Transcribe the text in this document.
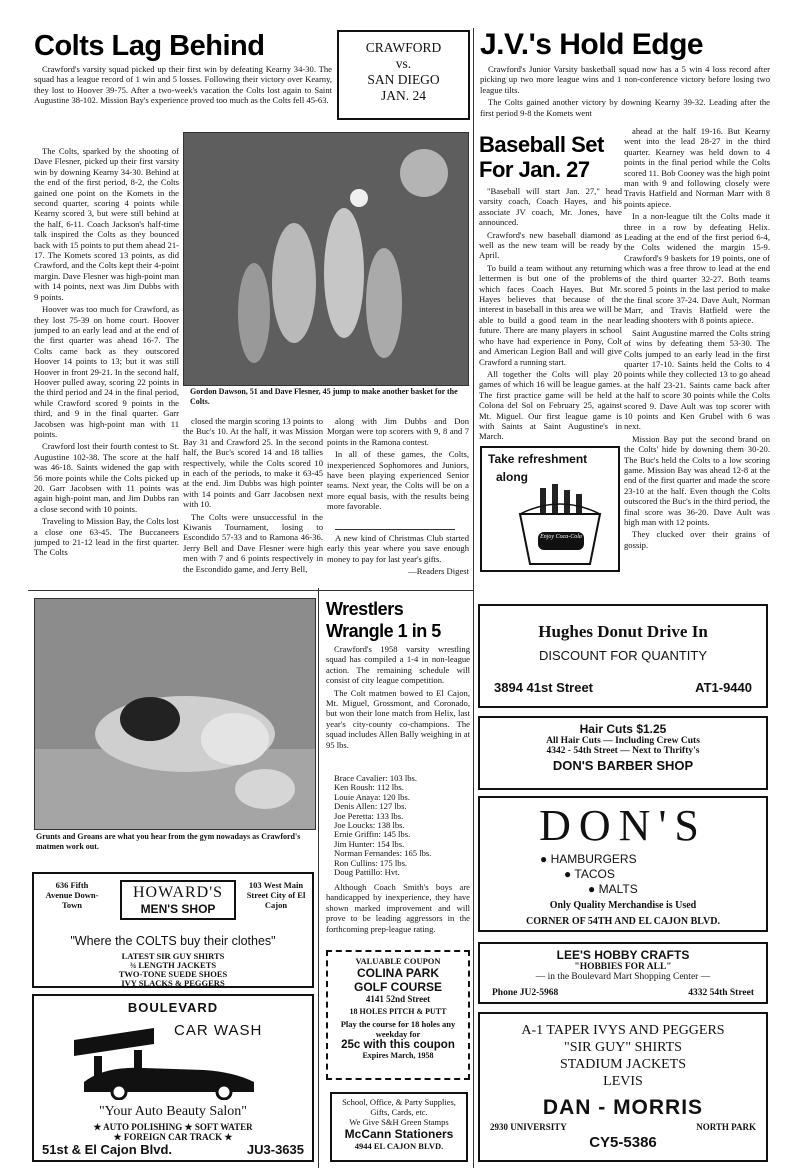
Colts Lag Behind	CRAWFORD
vs.
SAN DIEGO
JAN. 24
Crawford's varsity squad picked up their first win by defeating Kearny 34-30. The squad has a league record of 1 win and 5 losses. Following their victory over Kearny, they lost to Hoover 39-75. After a two-week's vacation the Colts lost again to Saint Augustine 38-102. Mission Bay's experience proved too much as the Colts fell 45-63.

The Colts, sparked by the shooting of Dave Flesner, picked up their first varsity win by downing Kearny 34-30. Behind at the end of the first period, 8-2, the Colts gained one point on the Komets in the second quarter, scoring 4 points while Kearny scored 3, but were still behind at the half, 6-11. Coach Jackson's half-time talk inspired the Colts as they bounced back with 15 points to put them ahead 21-17. The Komets scored 13 points, as did Crawford, and the Colts kept their 4-point margin. Dave Flesner was high-point man with 14 points, next was Jim Dubbs with 9 points.

Hoover was too much for Crawford, as they lost 75-39 on home court. Hoover jumped to an early lead and at the end of the first quarter was ahead 16-7. The Colts came back as they outscored Hoover 14 points to 13; but it was still Hoover in front 29-21. In the second half, Hoover pulled away, scoring 22 points in the third period and 24 in the final period, while Crawford scored 9 points in the third, and 9 in the final quarter. Garr Jacobsen was high-point man with 11 points.

Crawford lost their fourth contest to St. Augustine 102-38. The score at the half was 46-18. Saints widened the gap with 56 more points while the Colts picked up 20. Garr Jacobsen with 11 points was again high-point man, and Jim Dubbs ran a close second with 10 points.

Traveling to Mission Bay, the Colts lost a close one 63-45. The Buccaneers jumped to 21-12 lead in the first quarter. The Colts

Gordon Dawson, 51 and Dave Flesner, 45 jump to make another basket for the Colts.

closed the margin scoring 13 points to the Buc's 10. At the half, it was Mission Bay 31 and Crawford 25. In the second half, the Buc's scored 14 and 18 tallies respectively, while the Colts scored 10 in each of the periods, to make it 63-45 at the end. Jim Dubbs was high pointer with 14 points and Garr Jacobsen next with 10.

The Colts were unsuccessful in the Kiwanis Tournament, losing to Escondido 57-33 and to Ramona 46-36. Jerry Bell and Dave Flesner were high men with 7 and 6 points respectively in the Escondido game, and Jerry Bell,

along with Jim Dubbs and Don Morgan were top scorers with 9, 8 and 7 points in the Ramona contest.

In all of these games, the Colts, inexperienced Sophomores and Juniors, have been playing experienced Senior teams. Next year, the Colts will be on a more equal basis, with the results being more favorable.

A new kind of Christmas Club started early this year where you save enough money to pay for last year's gifts.

—Readers Digest
J.V.'s Hold Edge

Crawford's Junior Varsity basketball squad now has a 5 win 4 loss record after picking up two more league wins and 1 non-conference victory before losing two league tilts.

The Colts gained another victory by downing Kearny 39-32. Leading after the first period 9-8 the Komets went

ahead at the half 19-16. But Kearny went into the lead 28-27 in the third quarter. Kearney was held down to 4 points in the final period while the Colts scored 11. Bob Cooney was the high point man with 9 and following closely were Travis Hatfield and Norman Marr with 8 points apiece.

In a non-league tilt the Colts made it three in a row by defeating Helix. Leading at the end of the first period 6-4, the Colts widened the margin 15-9. Crawford's 9 baskets for 19 points, one of which was a free throw to lead at the end of the third quarter 32-27. Both teams scored 5 points in the last period to make the final score 37-24. Dave Ault, Norman Marr, and Travis Hatfield were the leading shooters with 8 points apiece.

Saint Augustine marred the Colts string of wins by defeating them 53-30. The Colts jumped to an early lead in the first quarter 17-10. Saints held the Colts to 4 points while they collected 13 to go ahead at the half 23-21. Saints came back after the half to score 30 points while the Colts scored 9. Dave Ault was top scorer with 10 points and Ken Grubel with 6 was next.

Mission Bay put the second brand on the Colts' hide by downing them 30-20. The Buc's held the Colts to a low scoring game. Mission Bay was ahead 12-8 at the end of the first quarter and made the score 23-10 at the half. Even though the Colts outscored the Buc's in the third period, the final score was 36-20. Dave Ault was high man with 12 points.

They clucked over their grains of gossip.

Baseball Set
For Jan. 27

"Baseball will start Jan. 27," head varsity coach, Coach Hayes, and his associate JV coach, Mr. Jones, have announced.

Crawford's new baseball diamond as well as the new team will be ready by April.

To build a team without any returning lettermen is but one of the problems which faces Coach Hayes. But Mr. Hayes believes that because of the interest in baseball in this area we will be able to build a good team in the near future. There are many players in school who have had experience in Pony, Colt and American Legion Ball and will give Crawford a running start.

All together the Colts will play 20 games of which 16 will be league games. The first practice game will be held at Colona del Sol on February 25, against Mt. Miguel. Our first league game is with Saints at Saint Augustine's in March.

Take refreshment
along
Enjoy Coca-Cola
Grunts and Groans are what you hear from the gym nowadays as Crawford's matmen work out.
Wrestlers
Wrangle 1 in 5

Crawford's 1958 varsity wrestling squad has compiled a 1-4 in non-league action. The remaining schedule will consist of city league competition.

The Colt matmen bowed to El Cajon, Mt. Miguel, Grossmont, and Coronado, but won their lone match from Helix, last year's city-county co-champions. The squad includes Allen Bally weighing in at 95 lbs.

Brace Cavalier: 103 lbs.
Ken Roush: 112 lbs.
Louie Anaya: 120 lbs.
Denis Allen: 127 lbs.
Joe Peretta: 133 lbs.
Joe Loucks: 138 lbs.
Ernie Griffin: 145 lbs.
Jim Hunter: 154 lbs.
Norman Fernandes: 165 lbs.
Ron Cullins: 175 lbs.
Doug Pattillo: Hvt.

Although Coach Smith's boys are handicapped by inexperience, they have shown marked improvement and will prove to be leading aggressors in the forthcoming prep-league rating.

636 Fifth Avenue Down-Town
HOWARD'S
MEN'S SHOP
103 West Main Street City of El Cajon
"Where the COLTS buy their clothes"
LATEST SIR GUY SHIRTS
¾ LENGTH JACKETS
TWO-TONE SUEDE SHOES
IVY SLACKS & PEGGERS
BOULEVARD
CAR WASH
"Your Auto Beauty Salon"
★ AUTO POLISHING ★ SOFT WATER
★ FOREIGN CAR TRACK ★
51st & El Cajon Blvd.	JU3-3635
VALUABLE COUPON
COLINA PARK
GOLF COURSE
4141 52nd Street
18 HOLES PITCH & PUTT
Play the course for 18 holes any weekday for
25c with this coupon
Expires March, 1958
School, Office, & Party Supplies, Gifts, Cards, etc.
We Give S&H Green Stamps
McCann Stationers
4944 EL CAJON BLVD.
Hughes Donut Drive In
DISCOUNT FOR QUANTITY
3894 41st Street	AT1-9440
Hair Cuts $1.25
All Hair Cuts — Including Crew Cuts
4342 - 54th Street — Next to Thrifty's
DON'S BARBER SHOP
DON'S
● HAMBURGERS
● TACOS
● MALTS
Only Quality Merchandise is Used
CORNER OF 54TH AND EL CAJON BLVD.
LEE'S HOBBY CRAFTS
"HOBBIES FOR ALL"
— in the Boulevard Mart Shopping Center —
Phone JU2-5968	4332 54th Street
A-1 TAPER IVYS AND PEGGERS
"SIR GUY" SHIRTS
STADIUM JACKETS
LEVIS
DAN - MORRIS
2930 UNIVERSITY	NORTH PARK
CY5-5386
